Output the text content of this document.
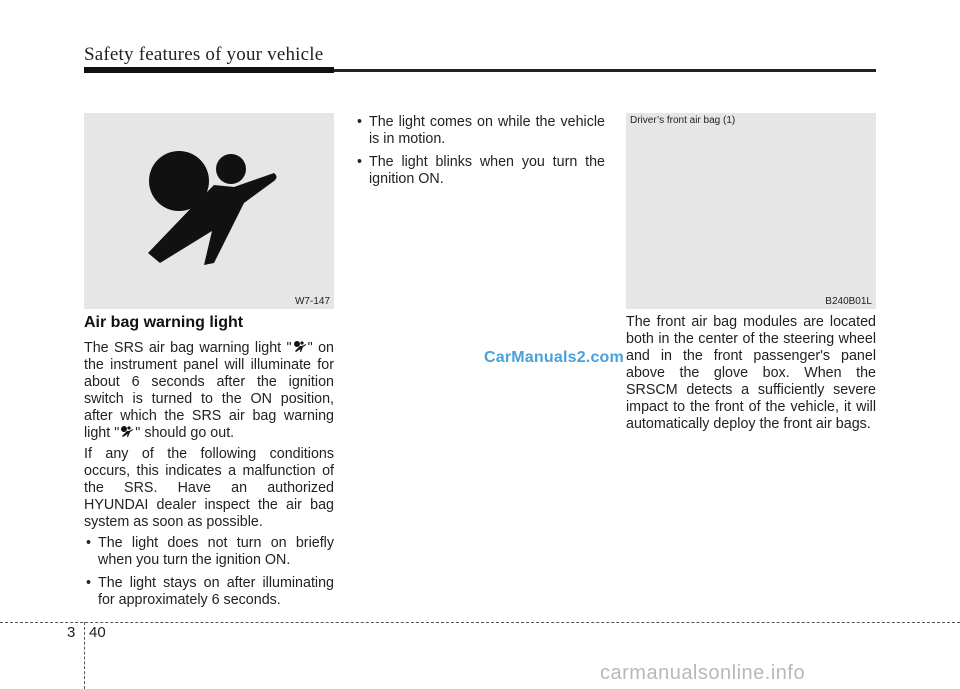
Safety features of your vehicle
W7-147
Driver’s front air bag (1)
B240B01L
Air bag warning light

The SRS air bag warning light " " on the instrument panel will illuminate for about 6 seconds after the ignition switch is turned to the ON position, after which the SRS air bag warning light " " should go out.

If any of the following conditions occurs, this indicates a malfunction of the SRS. Have an authorized HYUNDAI dealer inspect the air bag system as soon as possible.

• The light does not turn on briefly when you turn the ignition ON.
• The light stays on after illuminating for approximately 6 seconds.
• The light comes on while the vehicle is in motion.
• The light blinks when you turn the ignition ON.

The front air bag modules are located both in the center of the steering wheel and in the front passenger's panel above the glove box. When the SRSCM detects a sufficiently severe impact to the front of the vehicle, it will automatically deploy the front air bags.

CarManuals2.com
3 40
carmanualsonline.info
